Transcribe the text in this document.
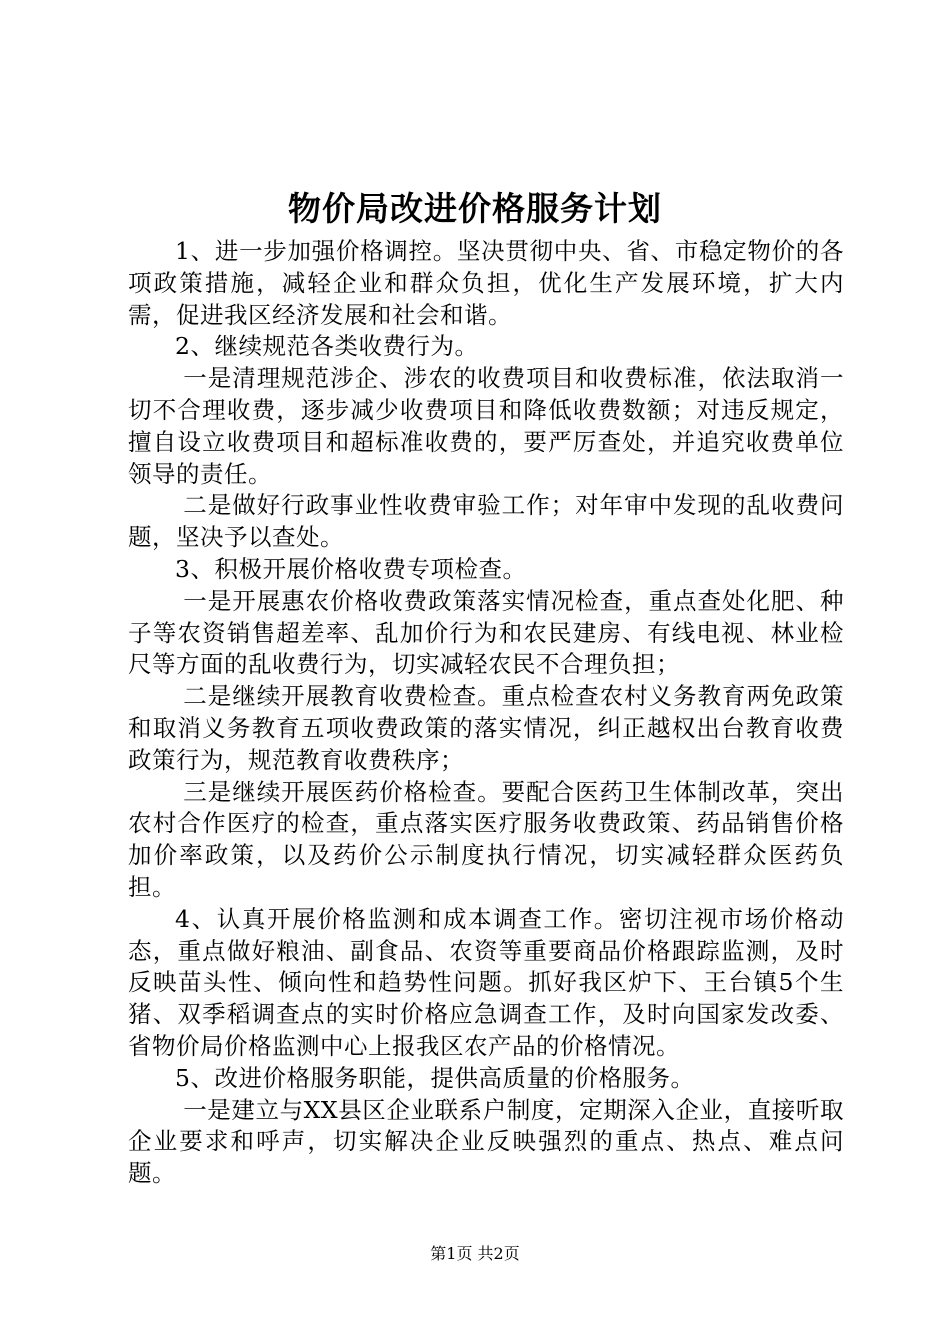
物价局改进价格服务计划

1、进一步加强价格调控。坚决贯彻中央、省、市稳定物价的各项政策措施，减轻企业和群众负担，优化生产发展环境，扩大内需，促进我区经济发展和社会和谐。

2、继续规范各类收费行为。

一是清理规范涉企、涉农的收费项目和收费标准，依法取消一切不合理收费，逐步减少收费项目和降低收费数额；对违反规定，擅自设立收费项目和超标准收费的，要严厉查处，并追究收费单位领导的责任。

二是做好行政事业性收费审验工作；对年审中发现的乱收费问题，坚决予以查处。

3、积极开展价格收费专项检查。

一是开展惠农价格收费政策落实情况检查，重点查处化肥、种子等农资销售超差率、乱加价行为和农民建房、有线电视、林业检尺等方面的乱收费行为，切实减轻农民不合理负担；

二是继续开展教育收费检查。重点检查农村义务教育两免政策和取消义务教育五项收费政策的落实情况，纠正越权出台教育收费政策行为，规范教育收费秩序；

三是继续开展医药价格检查。要配合医药卫生体制改革，突出农村合作医疗的检查，重点落实医疗服务收费政策、药品销售价格加价率政策，以及药价公示制度执行情况，切实减轻群众医药负担。

4、认真开展价格监测和成本调查工作。密切注视市场价格动态，重点做好粮油、副食品、农资等重要商品价格跟踪监测，及时反映苗头性、倾向性和趋势性问题。抓好我区炉下、王台镇5个生猪、双季稻调查点的实时价格应急调查工作，及时向国家发改委、省物价局价格监测中心上报我区农产品的价格情况。

5、改进价格服务职能，提供高质量的价格服务。

一是建立与XX县区企业联系户制度，定期深入企业，直接听取企业要求和呼声，切实解决企业反映强烈的重点、热点、难点问题。

第1页 共2页
